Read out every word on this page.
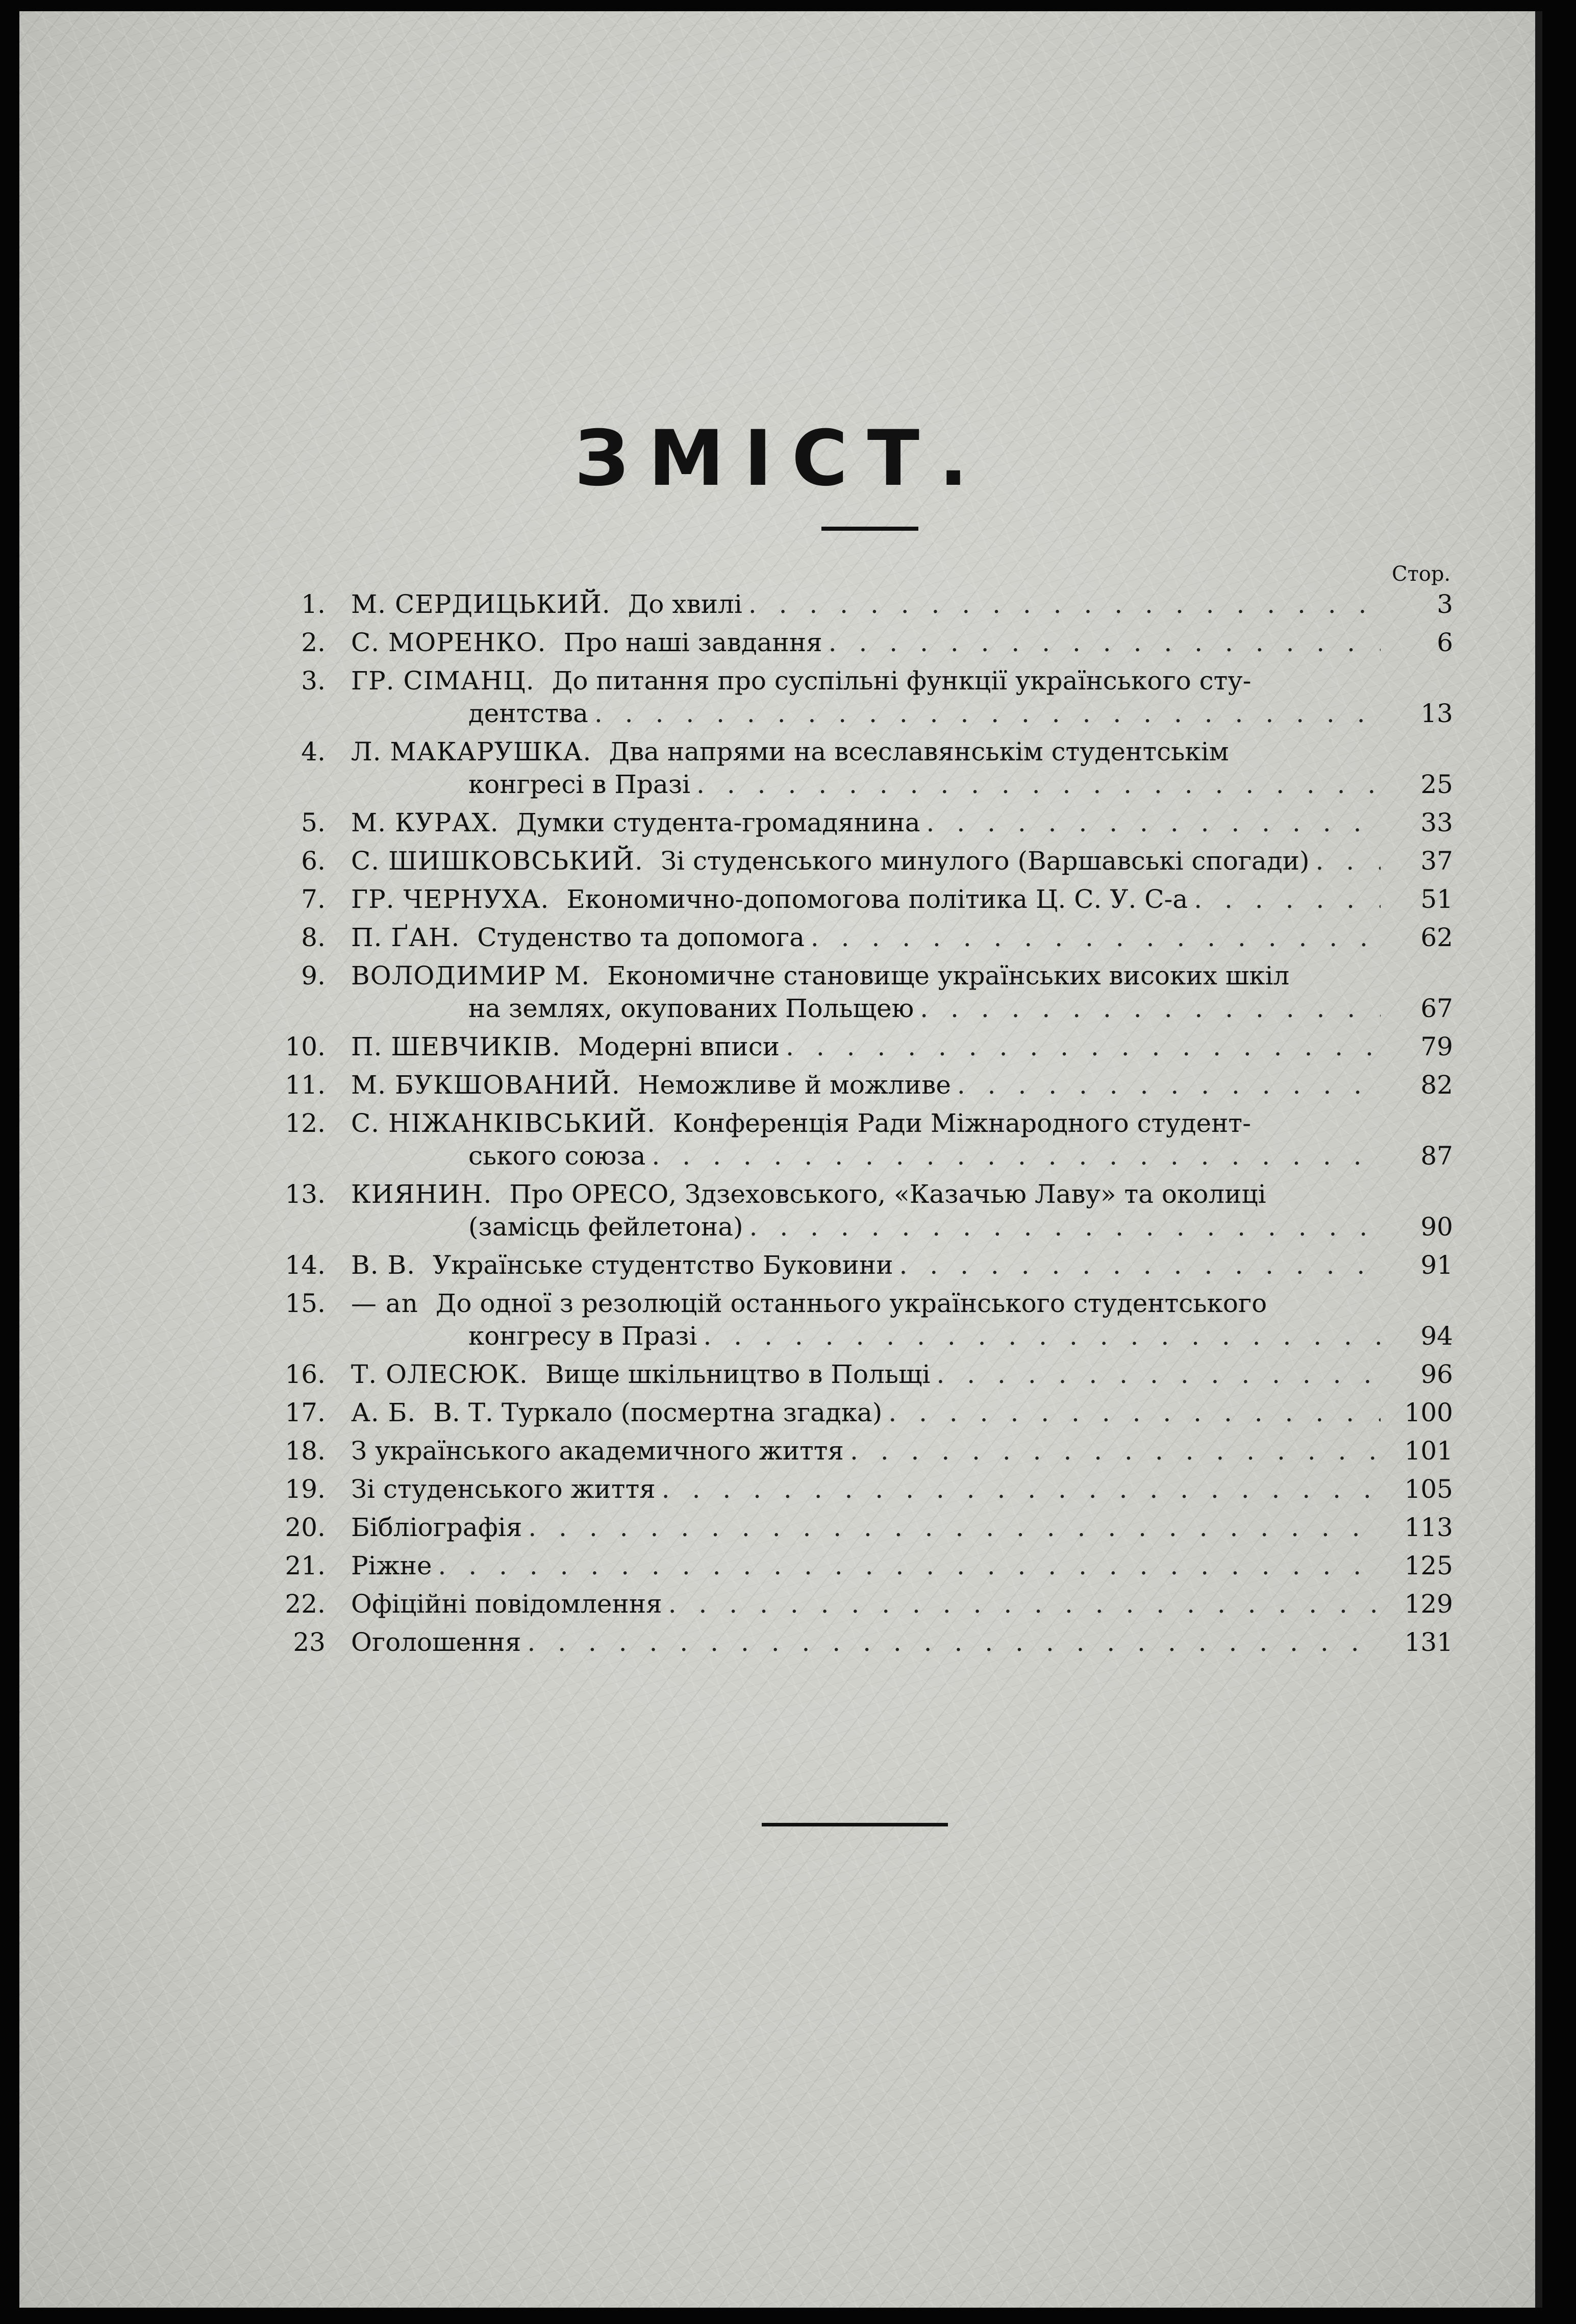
ЗМІСТ.
Стор.
1. М. СЕРДИЦЬКИЙ. До хвилі . . .	3
2. С. МОРЕНКО. Про наші завдання . . .	6
3. ГР. СІМАНЦ. До питання про суспільні функції українського сту-
дентства . . .	13
4. Л. МАКАРУШКА. Два напрями на всеславянськім студентськім
конгресі в Празі . . .	25
5. М. КУРАХ. Думки студента-громадянина . . .	33
6. С. ШИШКОВСЬКИЙ. Зі студенського минулого (Варшавські спогади) . . .	37
7. ГР. ЧЕРНУХА. Економично-допомогова політика Ц. С. У. С-а . . .	51
8. П. ҐАН. Студенство та допомога . . .	62
9. ВОЛОДИМИР М. Економичне становище українських високих шкіл
на землях, окупованих Польщею . . .	67
10. П. ШЕВЧИКІВ. Модерні вписи . . .	79
11. М. БУКШОВАНИЙ. Неможливе й можливе . . .	82
12. С. НІЖАНКІВСЬКИЙ. Конференція Ради Міжнародного студент-
ського союза . . .	87
13. КИЯНИН. Про ОРЕСО, Здзеховського, «Казачью Лаву» та околиці
(замісць фейлетона) . . .	90
14. В. В. Українське студентство Буковини . . .	91
15. — an До одної з резолюцій останнього українського студентського
конгресу в Празі . . .	94
16. Т. ОЛЕСЮК. Вище шкільництво в Польщі . . .	96
17. А. Б. В. Т. Туркало (посмертна згадка) . . .	100
18. З українського академичного життя . . .	101
19. Зі студенського життя . . .	105
20. Бібліографія . . .	113
21. Ріжне . . .	125
22. Офіційні повідомлення . . .	129
23 Оголошення . . .	131
